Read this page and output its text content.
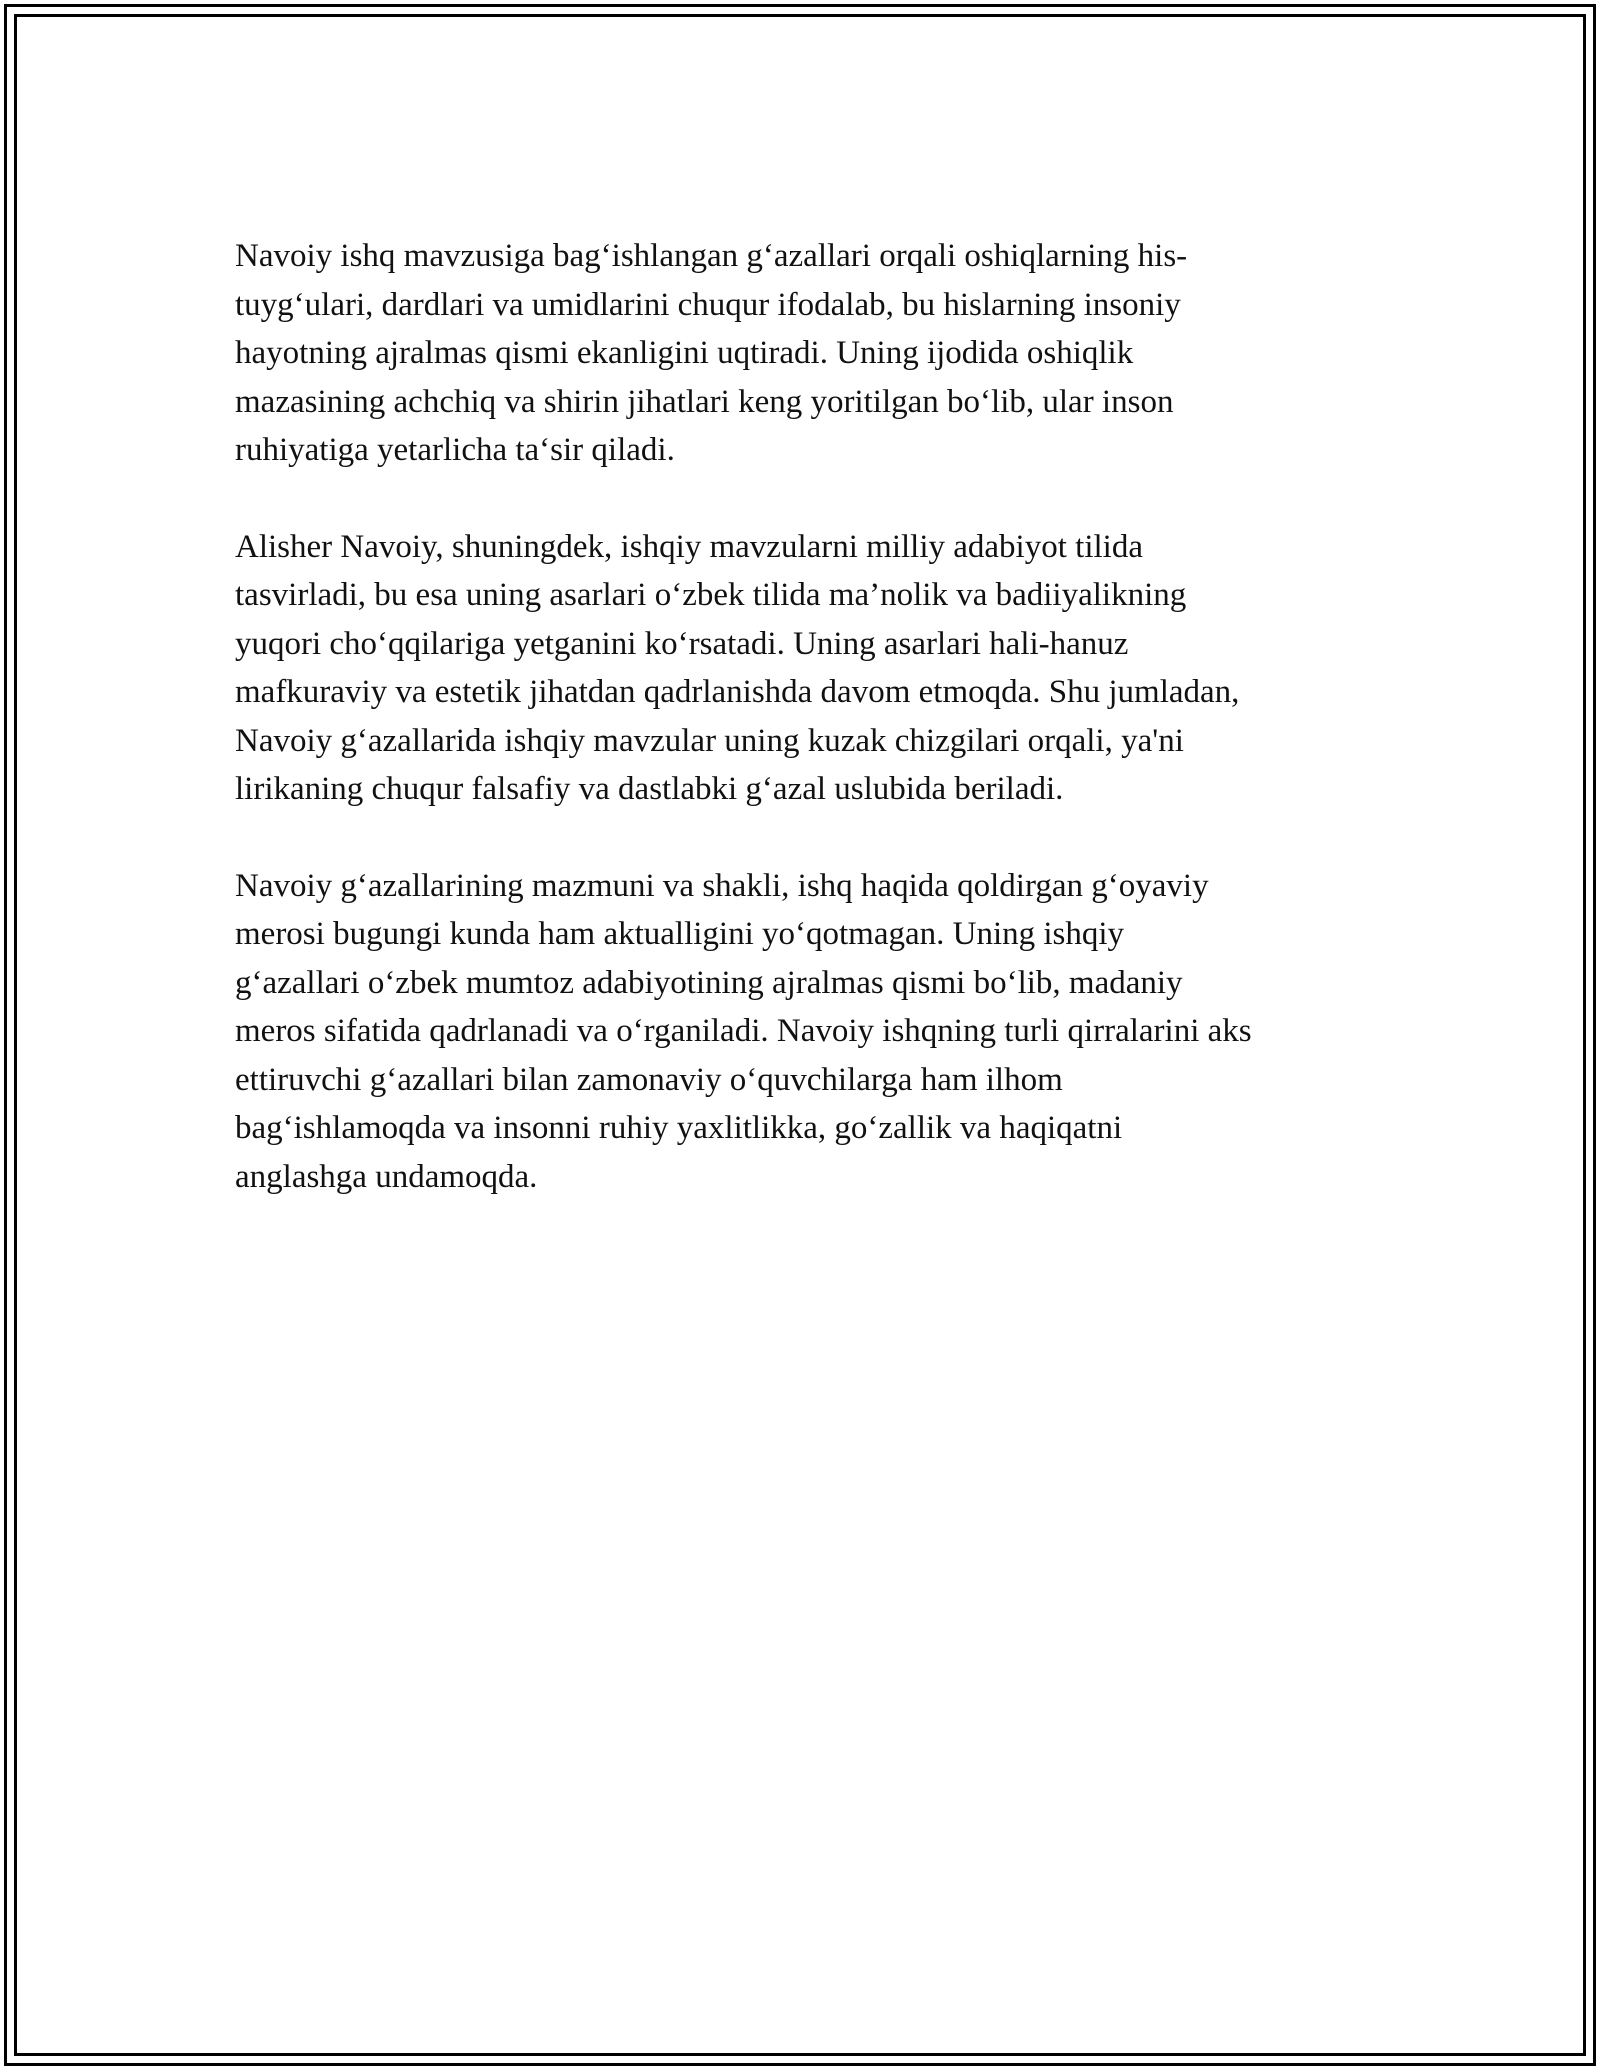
Navoiy ishq mavzusiga bag‘ishlangan g‘azallari orqali oshiqlarning his-
tuyg‘ulari, dardlari va umidlarini chuqur ifodalab, bu hislarning insoniy
hayotning ajralmas qismi ekanligini uqtiradi. Uning ijodida oshiqlik
mazasining achchiq va shirin jihatlari keng yoritilgan bo‘lib, ular inson
ruhiyatiga yetarlicha ta‘sir qiladi.

Alisher Navoiy, shuningdek, ishqiy mavzularni milliy adabiyot tilida
tasvirladi, bu esa uning asarlari o‘zbek tilida ma’nolik va badiiyalikning
yuqori cho‘qqilariga yetganini ko‘rsatadi. Uning asarlari hali-hanuz
mafkuraviy va estetik jihatdan qadrlanishda davom etmoqda. Shu jumladan,
Navoiy g‘azallarida ishqiy mavzular uning kuzak chizgilari orqali, ya'ni
lirikaning chuqur falsafiy va dastlabki g‘azal uslubida beriladi.

Navoiy g‘azallarining mazmuni va shakli, ishq haqida qoldirgan g‘oyaviy
merosi bugungi kunda ham aktualligini yo‘qotmagan. Uning ishqiy
g‘azallari o‘zbek mumtoz adabiyotining ajralmas qismi bo‘lib, madaniy
meros sifatida qadrlanadi va o‘rganiladi. Navoiy ishqning turli qirralarini aks
ettiruvchi g‘azallari bilan zamonaviy o‘quvchilarga ham ilhom
bag‘ishlamoqda va insonni ruhiy yaxlitlikka, go‘zallik va haqiqatni
anglashga undamoqda.
